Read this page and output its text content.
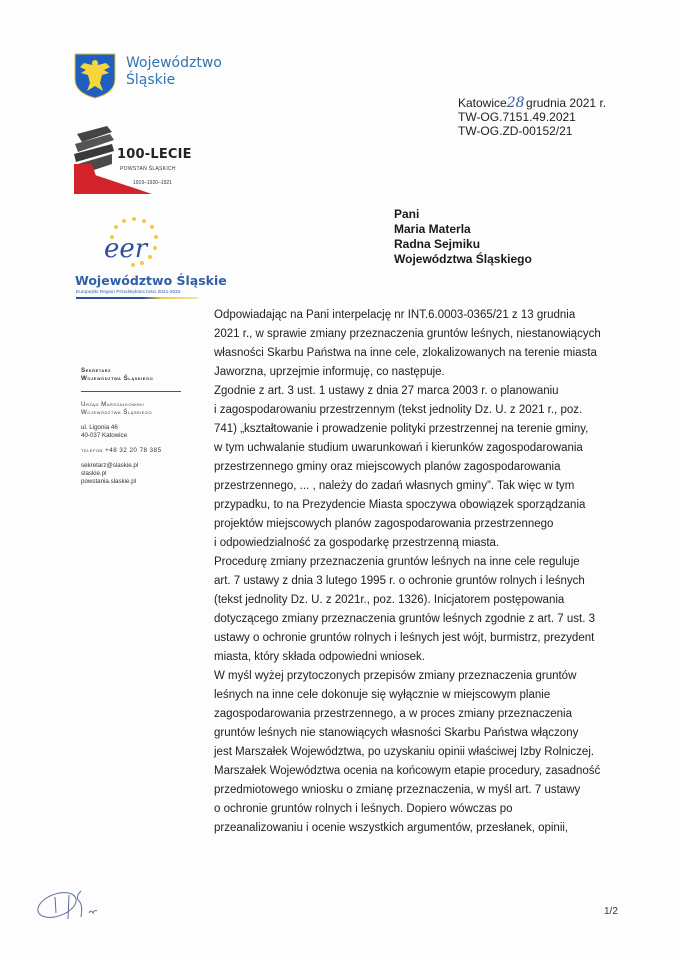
Województwo
Śląskie
100-LECIE
POWSTAŃ ŚLĄSKICH
1919–1920–1921
eer
Województwo Śląskie
Europejski Region Przedsiębiorczości 2021-2022
Sekretarz
Województwa Śląskiego
Urząd Marszałkowski
Województwa Śląskiego
ul. Ligonia 46
40-037 Katowice
telefon +48 32 20 78 385
sekretarz@slaskie.pl
slaskie.pl
powstania.slaskie.pl
Katowice28 grudnia 2021 r.
TW-OG.7151.49.2021
TW-OG.ZD-00152/21
Pani
Maria Materla
Radna Sejmiku
Województwa Śląskiego

Odpowiadając na Pani interpelację nr INT.6.0003-0365/21 z 13 grudnia

2021 r., w sprawie zmiany przeznaczenia gruntów leśnych, niestanowiących

własności Skarbu Państwa na inne cele, zlokalizowanych na terenie miasta

Jaworzna, uprzejmie informuję, co następuje.

Zgodnie z art. 3 ust. 1 ustawy z dnia 27 marca 2003 r. o planowaniu

i zagospodarowaniu przestrzennym (tekst jednolity Dz. U. z 2021 r., poz.

741) „kształtowanie i prowadzenie polityki przestrzennej na terenie gminy,

w tym uchwalanie studium uwarunkowań i kierunków zagospodarowania

przestrzennego gminy oraz miejscowych planów zagospodarowania

przestrzennego, ... , należy do zadań własnych gminy”. Tak więc w tym

przypadku, to na Prezydencie Miasta spoczywa obowiązek sporządzania

projektów miejscowych planów zagospodarowania przestrzennego

i odpowiedzialność za gospodarkę przestrzenną miasta.

Procedurę zmiany przeznaczenia gruntów leśnych na inne cele reguluje

art. 7 ustawy z dnia 3 lutego 1995 r. o ochronie gruntów rolnych i leśnych

(tekst jednolity Dz. U. z 2021r., poz. 1326). Inicjatorem postępowania

dotyczącego zmiany przeznaczenia gruntów leśnych zgodnie z art. 7 ust. 3

ustawy o ochronie gruntów rolnych i leśnych jest wójt, burmistrz, prezydent

miasta, który składa odpowiedni wniosek.

W myśl wyżej przytoczonych przepisów zmiany przeznaczenia gruntów

leśnych na inne cele dokonuje się wyłącznie w miejscowym planie

zagospodarowania przestrzennego, a w proces zmiany przeznaczenia

gruntów leśnych nie stanowiących własności Skarbu Państwa włączony

jest Marszałek Województwa, po uzyskaniu opinii właściwej Izby Rolniczej.

Marszałek Województwa ocenia na końcowym etapie procedury, zasadność

przedmiotowego wniosku o zmianę przeznaczenia, w myśl art. 7 ustawy

o ochronie gruntów rolnych i leśnych. Dopiero wówczas po

przeanalizowaniu i ocenie wszystkich argumentów, przesłanek, opinii,

1/2
